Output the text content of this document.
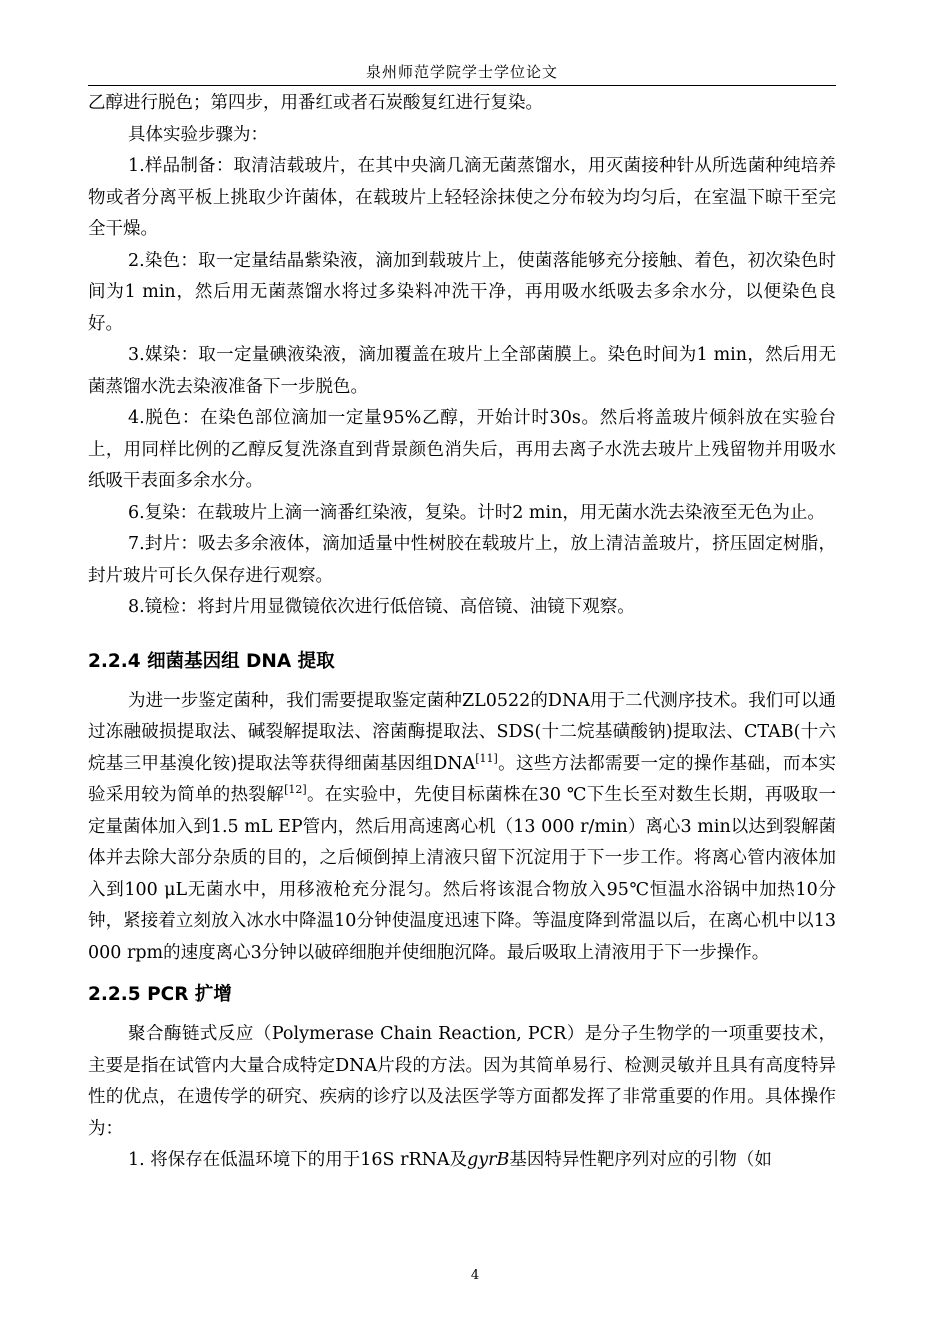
泉州师范学院学士学位论文

乙醇进行脱色；第四步，用番红或者石炭酸复红进行复染。

具体实验步骤为：

1.样品制备：取清洁载玻片，在其中央滴几滴无菌蒸馏水，用灭菌接种针从所选菌种纯培养物或者分离平板上挑取少许菌体，在载玻片上轻轻涂抹使之分布较为均匀后，在室温下晾干至完全干燥。

2.染色：取一定量结晶紫染液，滴加到载玻片上，使菌落能够充分接触、着色，初次染色时间为1 min，然后用无菌蒸馏水将过多染料冲洗干净，再用吸水纸吸去多余水分，以便染色良好。

3.媒染：取一定量碘液染液，滴加覆盖在玻片上全部菌膜上。染色时间为1 min，然后用无菌蒸馏水洗去染液准备下一步脱色。

4.脱色：在染色部位滴加一定量95%乙醇，开始计时30s。然后将盖玻片倾斜放在实验台上，用同样比例的乙醇反复洗涤直到背景颜色消失后，再用去离子水洗去玻片上残留物并用吸水纸吸干表面多余水分。

6.复染：在载玻片上滴一滴番红染液，复染。计时2 min，用无菌水洗去染液至无色为止。

7.封片：吸去多余液体，滴加适量中性树胶在载玻片上，放上清洁盖玻片，挤压固定树脂，封片玻片可长久保存进行观察。

8.镜检：将封片用显微镜依次进行低倍镜、高倍镜、油镜下观察。

2.2.4 细菌基因组 DNA 提取

为进一步鉴定菌种，我们需要提取鉴定菌种ZL0522的DNA用于二代测序技术。我们可以通过冻融破损提取法、碱裂解提取法、溶菌酶提取法、SDS(十二烷基磺酸钠)提取法、CTAB(十六烷基三甲基溴化铵)提取法等获得细菌基因组DNA[11]。这些方法都需要一定的操作基础，而本实验采用较为简单的热裂解[12]。在实验中，先使目标菌株在30 ℃下生长至对数生长期，再吸取一定量菌体加入到1.5 mL EP管内，然后用高速离心机（13 000 r/min）离心3 min以达到裂解菌体并去除大部分杂质的目的，之后倾倒掉上清液只留下沉淀用于下一步工作。将离心管内液体加入到100 μL无菌水中，用移液枪充分混匀。然后将该混合物放入95℃恒温水浴锅中加热10分钟，紧接着立刻放入冰水中降温10分钟使温度迅速下降。等温度降到常温以后，在离心机中以13 000 rpm的速度离心3分钟以破碎细胞并使细胞沉降。最后吸取上清液用于下一步操作。

2.2.5 PCR 扩增

聚合酶链式反应（Polymerase Chain Reaction, PCR）是分子生物学的一项重要技术，主要是指在试管内大量合成特定DNA片段的方法。因为其简单易行、检测灵敏并且具有高度特异性的优点，在遗传学的研究、疾病的诊疗以及法医学等方面都发挥了非常重要的作用。具体操作为：

1. 将保存在低温环境下的用于16S rRNA及gyrB基因特异性靶序列对应的引物（如

4
